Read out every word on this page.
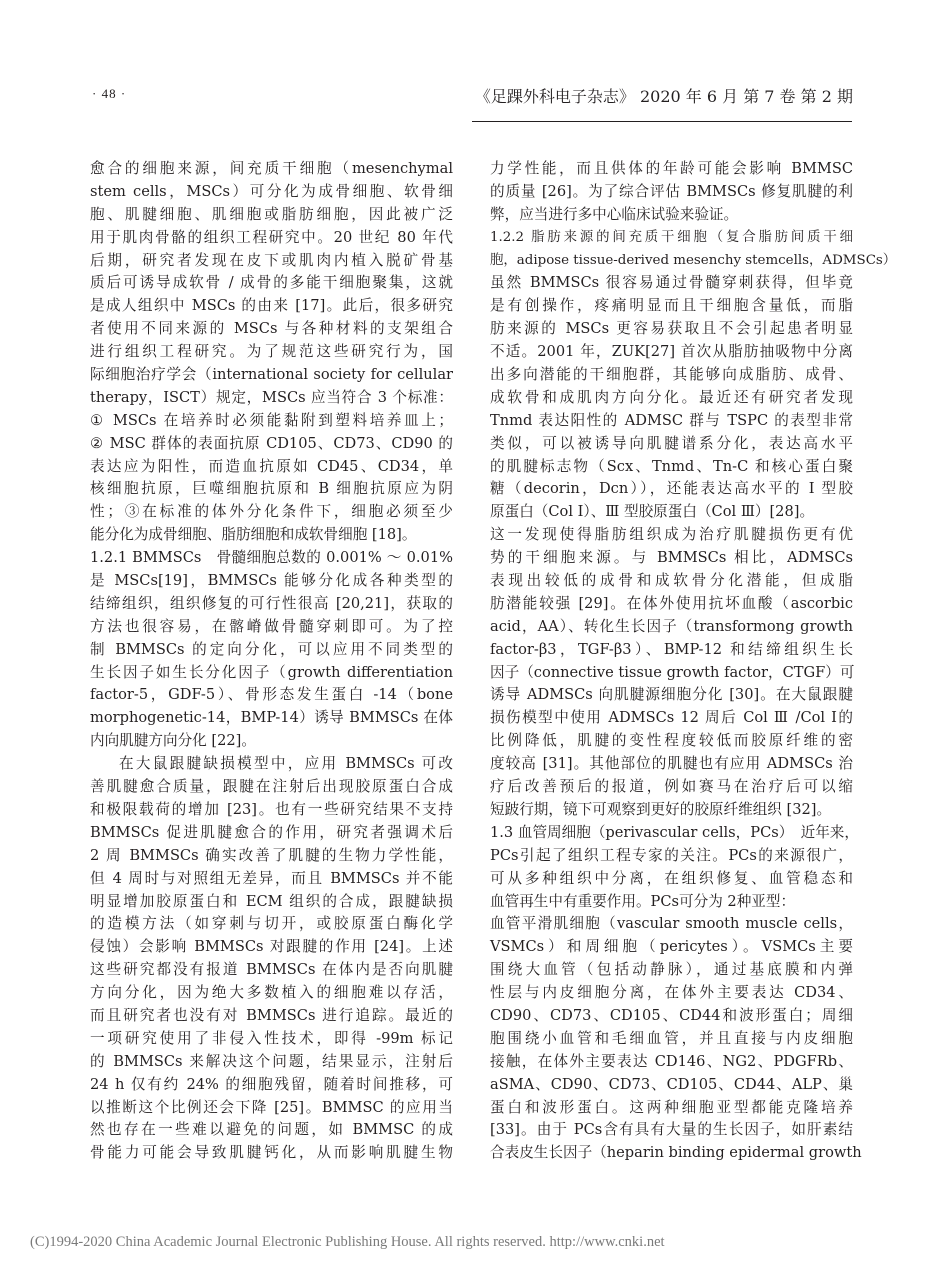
· 48 ·	《足踝外科电子杂志》 2020 年 6 月 第 7 卷 第 2 期
愈合的细胞来源，间充质干细胞（mesenchymal
stem cells，MSCs）可分化为成骨细胞、软骨细
胞、肌腱细胞、肌细胞或脂肪细胞，因此被广泛
用于肌肉骨骼的组织工程研究中。20 世纪 80 年代
后期，研究者发现在皮下或肌肉内植入脱矿骨基
质后可诱导成软骨 / 成骨的多能干细胞聚集，这就
是成人组织中 MSCs 的由来 [17]。此后，很多研究
者使用不同来源的 MSCs 与各种材料的支架组合
进行组织工程研究。为了规范这些研究行为，国
际细胞治疗学会（international society for cellular
therapy，ISCT）规定，MSCs 应当符合 3 个标准：
① MSCs 在培养时必须能黏附到塑料培养皿上；
② MSC 群体的表面抗原 CD105、CD73、CD90 的
表达应为阳性，而造血抗原如 CD45、CD34，单
核细胞抗原，巨噬细胞抗原和 B 细胞抗原应为阴
性；③在标准的体外分化条件下，细胞必须至少
能分化为成骨细胞、脂肪细胞和成软骨细胞 [18]。
1.2.1 BMMSCs　骨髓细胞总数的 0.001% ～ 0.01%
是 MSCs[19]，BMMSCs 能够分化成各种类型的
结缔组织，组织修复的可行性很高 [20,21]，获取的
方法也很容易，在髂嵴做骨髓穿刺即可。为了控
制 BMMSCs 的定向分化，可以应用不同类型的
生长因子如生长分化因子（growth differentiation
factor-5，GDF-5）、骨形态发生蛋白 -14（bone
morphogenetic-14，BMP-14）诱导 BMMSCs 在体
内向肌腱方向分化 [22]。
在大鼠跟腱缺损模型中，应用 BMMSCs 可改
善肌腱愈合质量，跟腱在注射后出现胶原蛋白合成
和极限载荷的增加 [23]。也有一些研究结果不支持
BMMSCs 促进肌腱愈合的作用，研究者强调术后
2 周 BMMSCs 确实改善了肌腱的生物力学性能，
但 4 周时与对照组无差异，而且 BMMSCs 并不能
明显增加胶原蛋白和 ECM 组织的合成，跟腱缺损
的造模方法（如穿刺与切开，或胶原蛋白酶化学
侵蚀）会影响 BMMSCs 对跟腱的作用 [24]。上述
这些研究都没有报道 BMMSCs 在体内是否向肌腱
方向分化，因为绝大多数植入的细胞难以存活，
而且研究者也没有对 BMMSCs 进行追踪。最近的
一项研究使用了非侵入性技术，即得 -99m 标记
的 BMMSCs 来解决这个问题，结果显示，注射后
24 h 仅有约 24% 的细胞残留，随着时间推移，可
以推断这个比例还会下降 [25]。BMMSC 的应用当
然也存在一些难以避免的问题，如 BMMSC 的成
骨能力可能会导致肌腱钙化，从而影响肌腱生物
力学性能，而且供体的年龄可能会影响 BMMSC
的质量 [26]。为了综合评估 BMMSCs 修复肌腱的利
弊，应当进行多中心临床试验来验证。
1.2.2 脂肪来源的间充质干细胞（复合脂肪间质干细
胞，adipose tissue-derived mesenchy stemcells，ADMSCs）
虽然 BMMSCs 很容易通过骨髓穿刺获得，但毕竟
是有创操作，疼痛明显而且干细胞含量低，而脂
肪来源的 MSCs 更容易获取且不会引起患者明显
不适。2001 年，ZUK[27] 首次从脂肪抽吸物中分离
出多向潜能的干细胞群，其能够向成脂肪、成骨、
成软骨和成肌肉方向分化。最近还有研究者发现
Tnmd 表达阳性的 ADMSC 群与 TSPC 的表型非常
类似，可以被诱导向肌腱谱系分化，表达高水平
的肌腱标志物（Scx、Tnmd、Tn-C 和核心蛋白聚
糖（decorin，Dcn）），还能表达高水平的 I 型胶
原蛋白（Col Ⅰ）、Ⅲ 型胶原蛋白（Col Ⅲ）[28]。
这一发现使得脂肪组织成为治疗肌腱损伤更有优
势的干细胞来源。与 BMMSCs 相比，ADMSCs
表现出较低的成骨和成软骨分化潜能，但成脂
肪潜能较强 [29]。在体外使用抗坏血酸（ascorbic
acid，AA）、转化生长因子（transformong growth
factor-β3，TGF-β3）、BMP-12 和结缔组织生长
因子（connective tissue growth factor，CTGF）可
诱导 ADMSCs 向肌腱源细胞分化 [30]。在大鼠跟腱
损伤模型中使用 ADMSCs 12 周后 Col Ⅲ /Col Ⅰ的
比例降低，肌腱的变性程度较低而胶原纤维的密
度较高 [31]。其他部位的肌腱也有应用 ADMSCs 治
疗后改善预后的报道，例如赛马在治疗后可以缩
短跛行期，镜下可观察到更好的胶原纤维组织 [32]。
1.3 血管周细胞（perivascular cells，PCs）　近年来，
PCs引起了组织工程专家的关注。PCs的来源很广，
可从多种组织中分离，在组织修复、血管稳态和
血管再生中有重要作用。PCs可分为 2种亚型：
血管平滑肌细胞（vascular smooth muscle cells，
VSMCs）和周细胞（pericytes）。VSMCs主要
围绕大血管（包括动静脉），通过基底膜和内弹
性层与内皮细胞分离，在体外主要表达 CD34、
CD90、CD73、CD105、CD44和波形蛋白；周细
胞围绕小血管和毛细血管，并且直接与内皮细胞
接触，在体外主要表达 CD146、NG2、PDGFRb、
aSMA、CD90、CD73、CD105、CD44、ALP、巢
蛋白和波形蛋白。这两种细胞亚型都能克隆培养
[33]。由于 PCs含有具有大量的生长因子，如肝素结
合表皮生长因子（heparin binding epidermal growth
(C)1994-2020 China Academic Journal Electronic Publishing House. All rights reserved. http://www.cnki.net
